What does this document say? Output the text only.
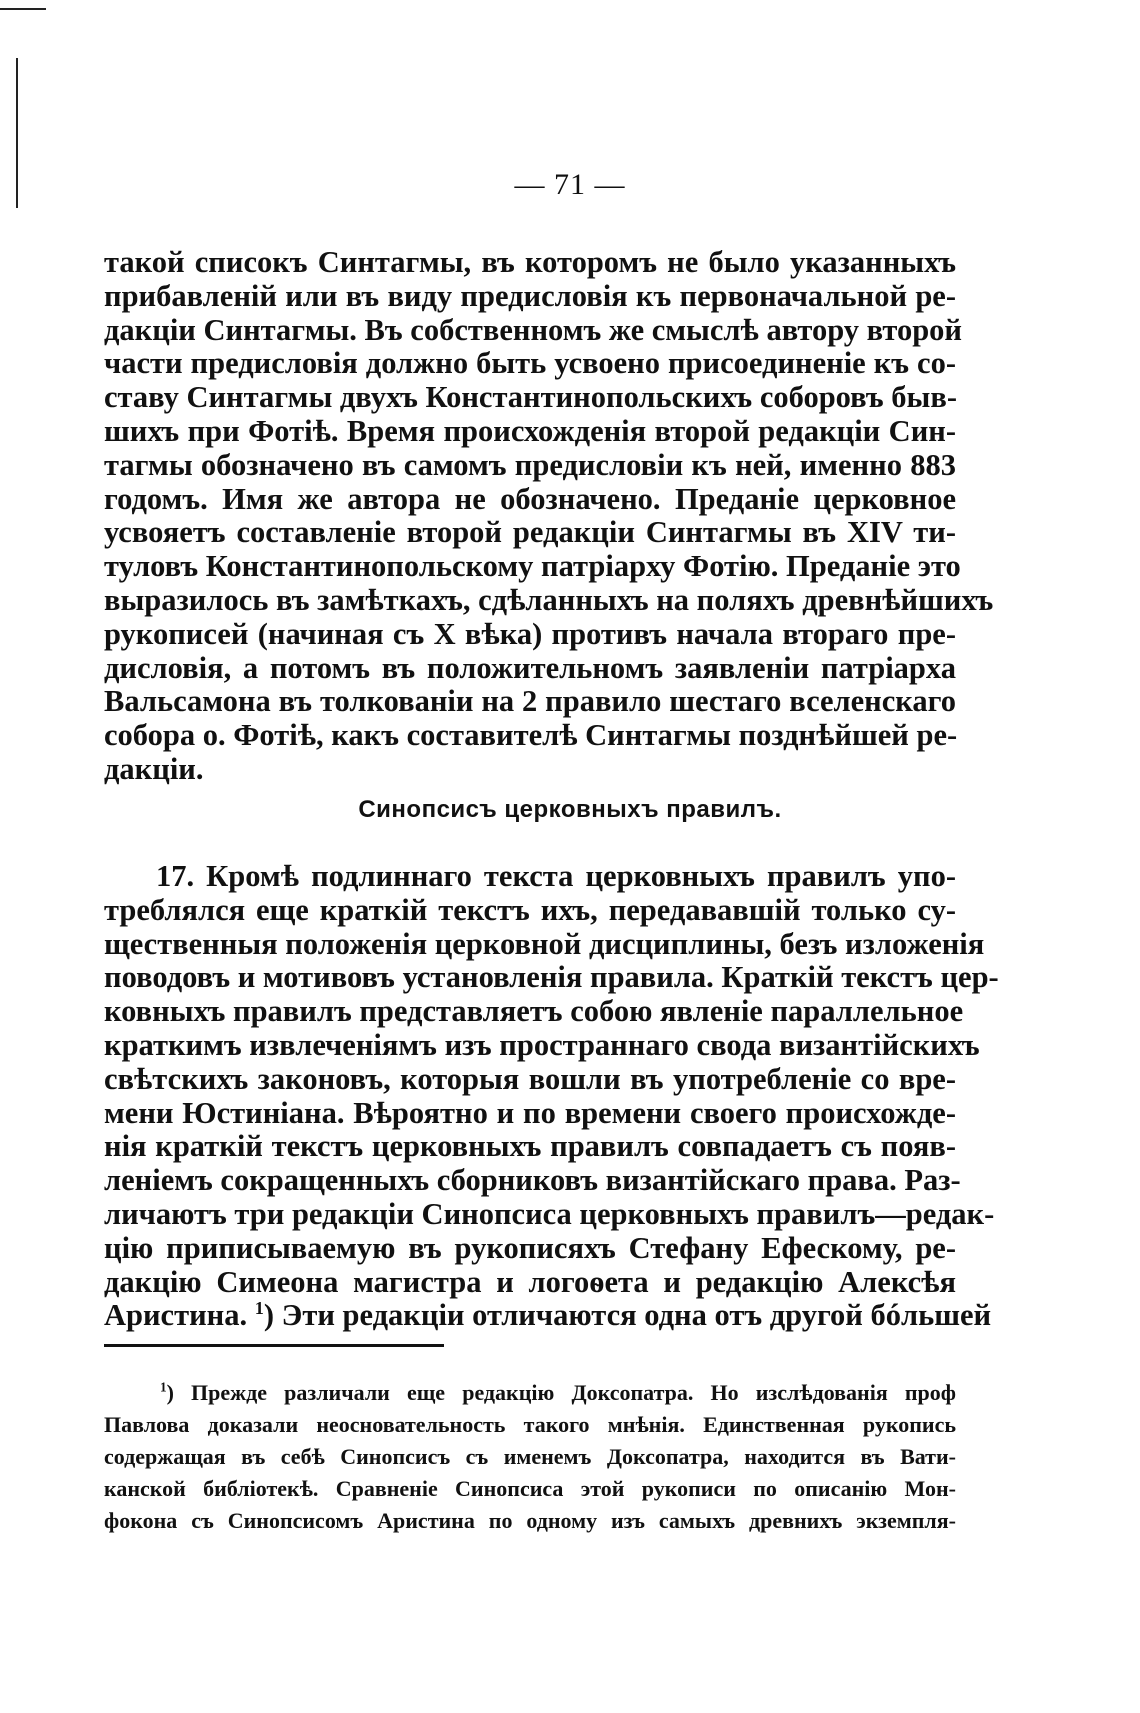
— 71 —
такой списокъ Синтагмы, въ которомъ не было указанныхъ
прибавленій или въ виду предисловія къ первоначальной ре-
дакціи Синтагмы. Въ собственномъ же смыслѣ автору второй
части предисловія должно быть усвоено присоединеніе къ со-
ставу Синтагмы двухъ Константинопольскихъ соборовъ быв-
шихъ при Фотіѣ. Время происхожденія второй редакціи Син-
тагмы обозначено въ самомъ предисловіи къ ней, именно 883
годомъ. Имя же автора не обозначено. Преданіе церковное
усвояетъ составленіе второй редакціи Синтагмы въ XIV ти-
туловъ Константинопольскому патріарху Фотію. Преданіе это
выразилось въ замѣткахъ, сдѣланныхъ на поляхъ древнѣйшихъ
рукописей (начиная съ X вѣка) противъ начала втораго пре-
дисловія, а потомъ въ положительномъ заявленіи патріарха
Вальсамона въ толкованіи на 2 правило шестаго вселенскаго
собора о. Фотіѣ, какъ составителѣ Синтагмы позднѣйшей ре-
дакціи.
Синопсисъ церковныхъ правилъ.
17. Кромѣ подлиннаго текста церковныхъ правилъ упо-
треблялся еще краткій текстъ ихъ, передававшій только су-
щественныя положенія церковной дисциплины, безъ изложенія
поводовъ и мотивовъ установленія правила. Краткій текстъ цер-
ковныхъ правилъ представляетъ собою явленіе параллельное
краткимъ извлеченіямъ изъ пространнаго свода византійскихъ
свѣтскихъ законовъ, которыя вошли въ употребленіе со вре-
мени Юстиніана. Вѣроятно и по времени своего происхожде-
нія краткій текстъ церковныхъ правилъ совпадаетъ съ появ-
леніемъ сокращенныхъ сборниковъ византійскаго права. Раз-
личаютъ три редакціи Синопсиса церковныхъ правилъ—редак-
цію приписываемую въ рукописяхъ Стефану Ефескому, ре-
дакцію Симеона магистра и логоѳета и редакцію Алексѣя
Аристина. $^1$) Эти редакціи отличаются одна отъ другой бóльшей
$^1$) Прежде различали еще редакцію Доксопатра. Но изслѣдованія проф
Павлова доказали неосновательность такого мнѣнія. Единственная рукопись
содержащая въ себѣ Синопсисъ съ именемъ Доксопатра, находится въ Вати-
канской библіотекѣ. Сравненіе Синопсиса этой рукописи по описанію Мон-
фокона съ Синопсисомъ Аристина по одному изъ самыхъ древнихъ экземпля-
